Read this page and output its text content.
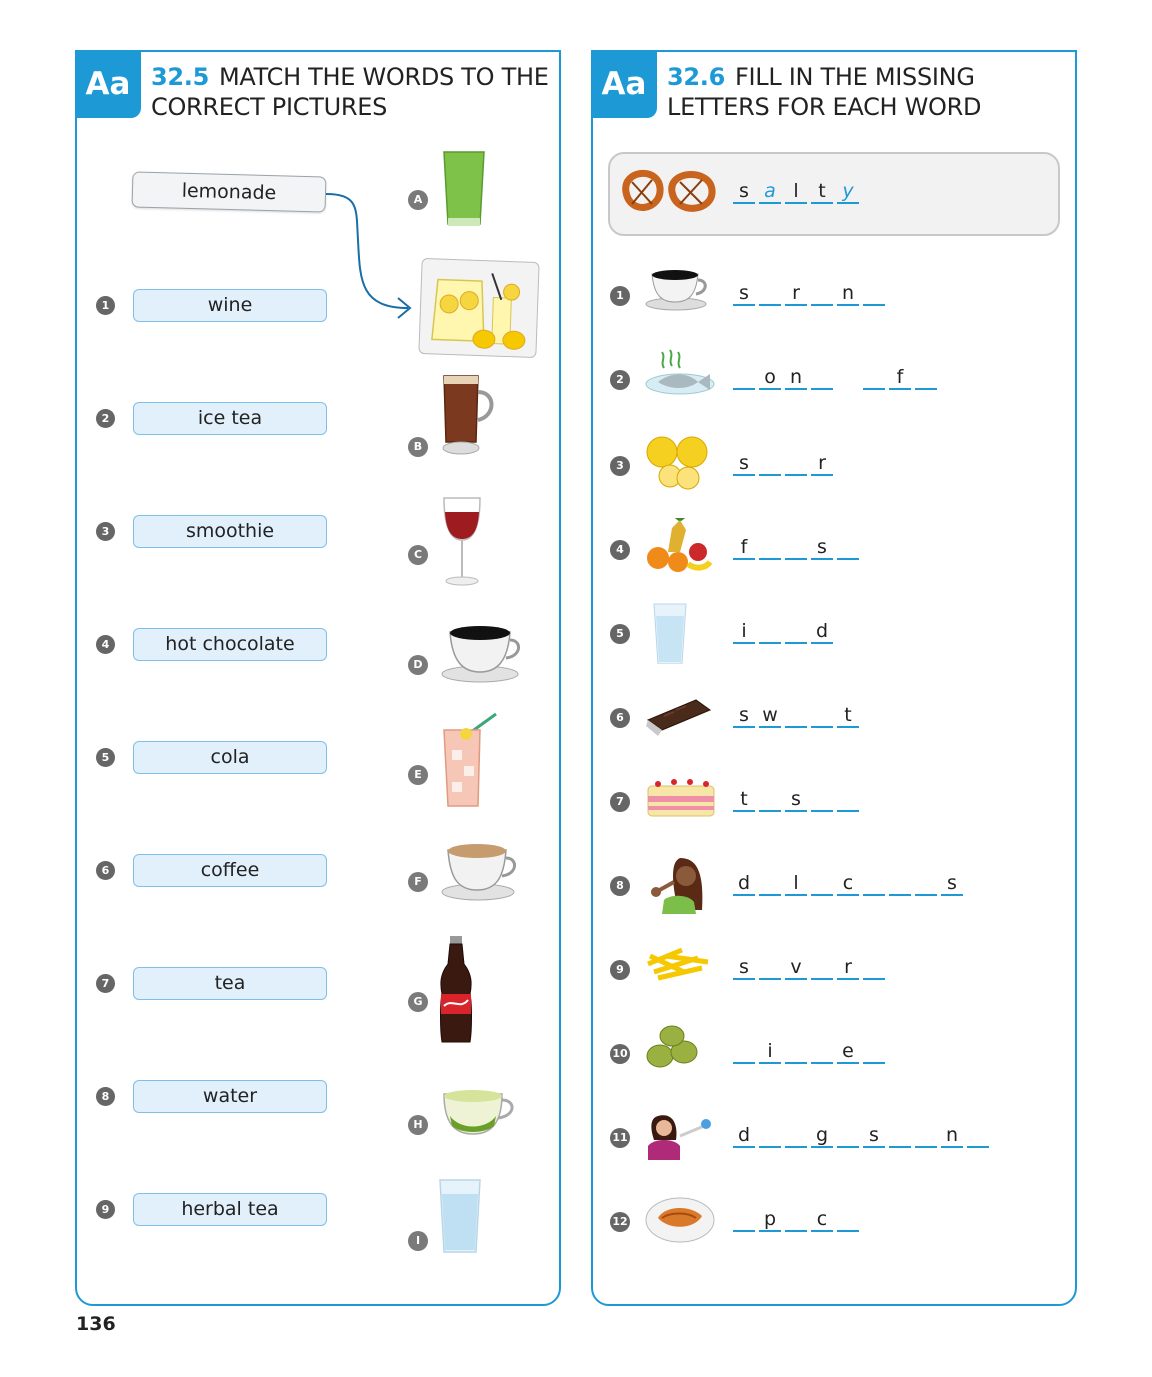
Aa 32.5 MATCH THE WORDS TO THE CORRECT PICTURES
lemonade
1	wine
2	ice tea
3	smoothie
4	hot chocolate
5	cola
6	coffee
7	tea
8	water
9	herbal tea
A
B
C
D
E
F
G
H
I
Aa 32.6 FILL IN THE MISSING LETTERS FOR EACH WORD
s a l	t y
1	s	r	n
2	o n	f
3	s	r
4	f	s
5	i	d
6	s w	t
7	t	s
8	d	l	c	s
9	s	v	r
10	i	e
11	d	g	s	n
12	p	c
136
